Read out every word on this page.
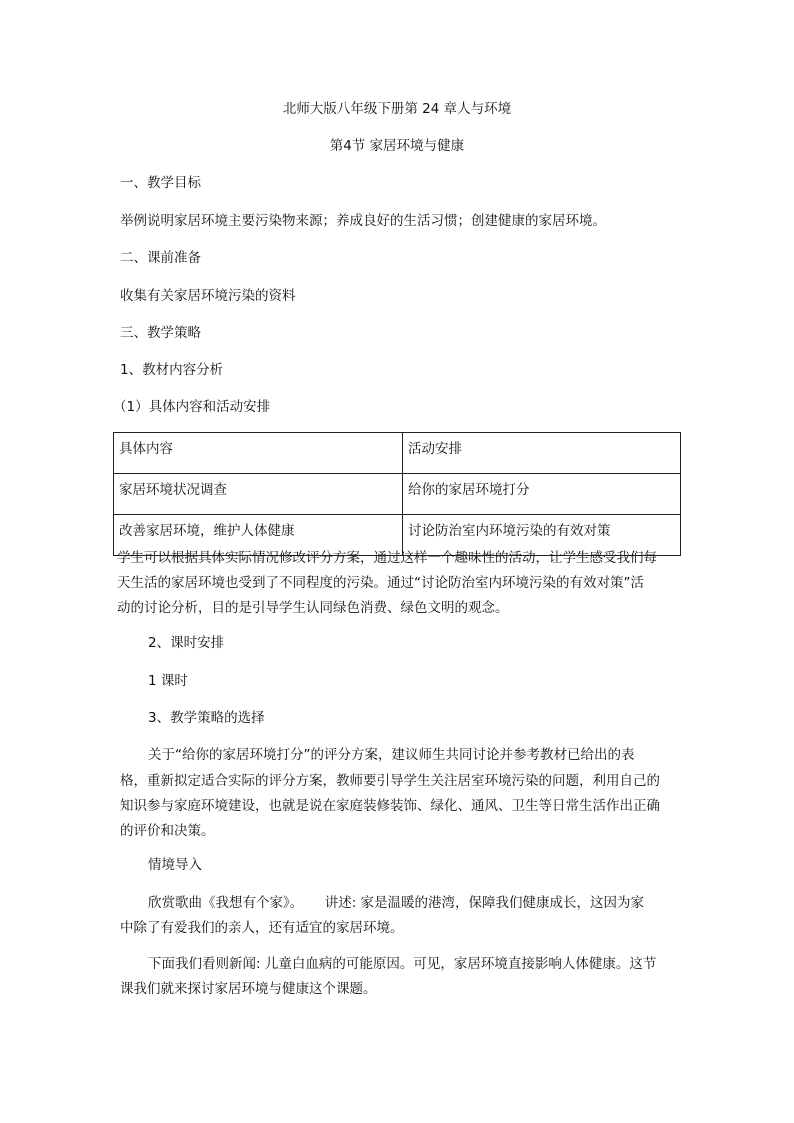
北师大版八年级下册第 24 章人与环境
第4节 家居环境与健康
一、教学目标
举例说明家居环境主要污染物来源；养成良好的生活习惯；创建健康的家居环境。
二、课前准备
收集有关家居环境污染的资料
三、教学策略
1、教材内容分析
（1）具体内容和活动安排
具体内容	活动安排
家居环境状况调查	给你的家居环境打分
改善家居环境，维护人体健康	讨论防治室内环境污染的有效对策
学生可以根据具体实际情况修改评分方案，通过这样一个趣味性的活动，让学生感受我们每
天生活的家居环境也受到了不同程度的污染。通过“讨论防治室内环境污染的有效对策”活
动的讨论分析，目的是引导学生认同绿色消费、绿色文明的观念。
2、课时安排
1 课时
3、教学策略的选择
关于“给你的家居环境打分”的评分方案，建议师生共同讨论并参考教材已给出的表
格，重新拟定适合实际的评分方案，教师要引导学生关注居室环境污染的问题，利用自己的
知识参与家庭环境建设，也就是说在家庭装修装饰、绿化、通风、卫生等日常生活作出正确
的评价和决策。
情境导入
欣赏歌曲《我想有个家》。     讲述: 家是温暖的港湾，保障我们健康成长，这因为家
中除了有爱我们的亲人，还有适宜的家居环境。
下面我们看则新闻: 儿童白血病的可能原因。可见，家居环境直接影响人体健康。这节
课我们就来探讨家居环境与健康这个课题。
